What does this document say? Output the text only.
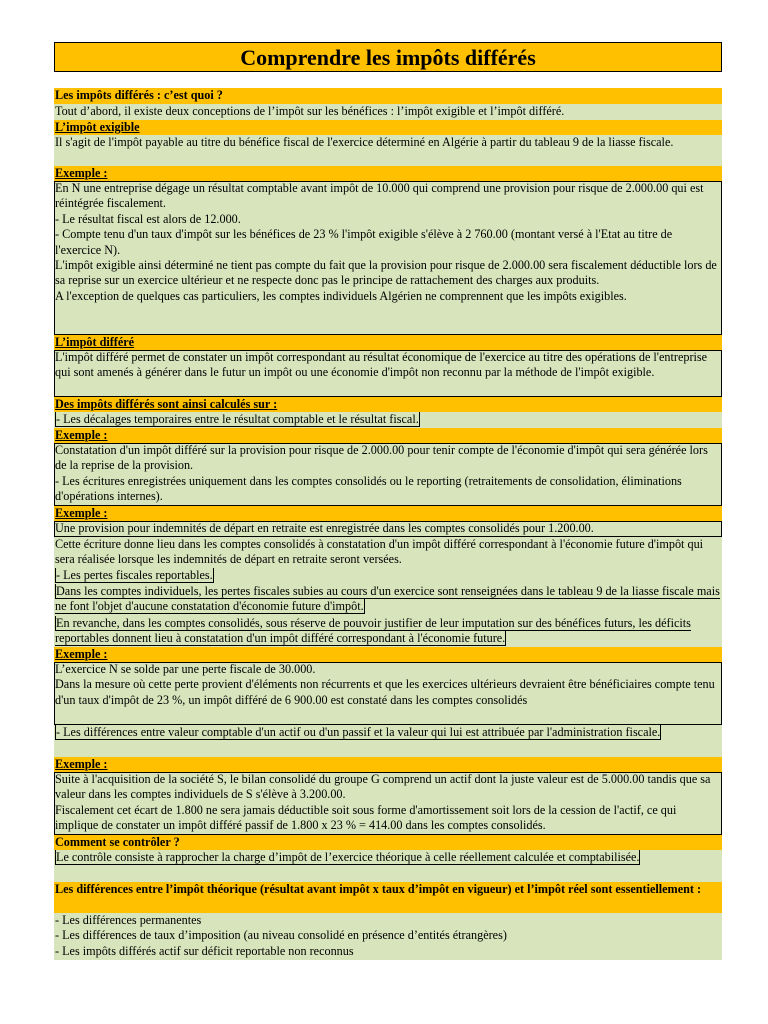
Comprendre les impôts différés
Les impôts différés : c’est quoi ?
Tout d’abord, il existe deux conceptions de l’impôt sur les bénéfices : l’impôt exigible et l’impôt différé.
L’impôt exigible
Il s'agit de l'impôt payable au titre du bénéfice fiscal de l'exercice déterminé en Algérie à partir du tableau 9 de la liasse fiscale.
Exemple :
En N une entreprise dégage un résultat comptable avant impôt de 10.000 qui comprend une provision pour risque de 2.000.00 qui est réintégrée fiscalement.
- Le résultat fiscal est alors de 12.000.
- Compte tenu d'un taux d'impôt sur les bénéfices de 23 % l'impôt exigible s'élève à 2 760.00 (montant versé à l'Etat au titre de l'exercice N).
L'impôt exigible ainsi déterminé ne tient pas compte du fait que la provision pour risque de 2.000.00 sera fiscalement déductible lors de sa reprise sur un exercice ultérieur et ne respecte donc pas le principe de rattachement des charges aux produits.
A l'exception de quelques cas particuliers, les comptes individuels Algérien ne comprennent que les impôts exigibles.
L’impôt différé
L'impôt différé permet de constater un impôt correspondant au résultat économique de l'exercice au titre des opérations de l'entreprise qui sont amenés à générer dans le futur un impôt ou une économie d'impôt non reconnu par la méthode de l'impôt exigible.
Des impôts différés sont ainsi calculés sur :
- Les décalages temporaires entre le résultat comptable et le résultat fiscal.
Exemple :
Constatation d'un impôt différé sur la provision pour risque de 2.000.00 pour tenir compte de l'économie d'impôt qui sera générée lors de la reprise de la provision.
- Les écritures enregistrées uniquement dans les comptes consolidés ou le reporting (retraitements de consolidation, éliminations d'opérations internes).
Exemple :
Une provision pour indemnités de départ en retraite est enregistrée dans les comptes consolidés pour 1.200.00.
Cette écriture donne lieu dans les comptes consolidés à constatation d'un impôt différé correspondant à l'économie future d'impôt qui sera réalisée lorsque les indemnités de départ en retraite seront versées.
- Les pertes fiscales reportables.
Dans les comptes individuels, les pertes fiscales subies au cours d'un exercice sont renseignées dans le tableau 9 de la liasse fiscale mais ne font l'objet d'aucune constatation d'économie future d'impôt.
En revanche, dans les comptes consolidés, sous réserve de pouvoir justifier de leur imputation sur des bénéfices futurs, les déficits reportables donnent lieu à constatation d'un impôt différé correspondant à l'économie future.
Exemple :
L’exercice N se solde par une perte fiscale de 30.000.
Dans la mesure où cette perte provient d'éléments non récurrents et que les exercices ultérieurs devraient être bénéficiaires compte tenu d'un taux d'impôt de 23 %, un impôt différé de 6 900.00 est constaté dans les comptes consolidés
- Les différences entre valeur comptable d'un actif ou d'un passif et la valeur qui lui est attribuée par l'administration fiscale.
Exemple :
Suite à l'acquisition de la société S, le bilan consolidé du groupe G comprend un actif dont la juste valeur est de 5.000.00 tandis que sa valeur dans les comptes individuels de S s'élève à 3.200.00.
Fiscalement cet écart de 1.800 ne sera jamais déductible soit sous forme d'amortissement soit lors de la cession de l'actif, ce qui implique de constater un impôt différé passif de 1.800 x 23 % = 414.00 dans les comptes consolidés.
Comment se contrôler ?
Le contrôle consiste à rapprocher la charge d’impôt de l’exercice théorique à celle réellement calculée et comptabilisée.
Les différences entre l’impôt théorique (résultat avant impôt x taux d’impôt en vigueur) et l’impôt réel sont essentiellement :
- Les différences permanentes
- Les différences de taux d’imposition (au niveau consolidé en présence d’entités étrangères)
- Les impôts différés actif sur déficit reportable non reconnus
